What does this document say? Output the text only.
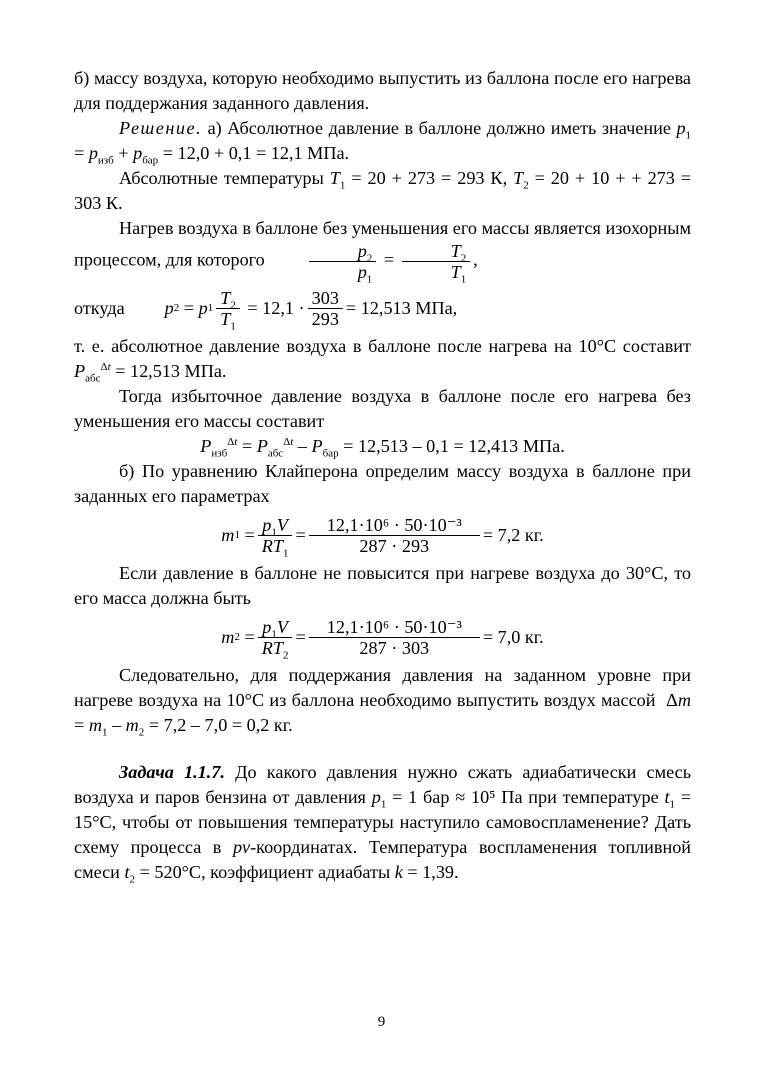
б) массу воздуха, которую необходимо выпустить из баллона после его нагрева для поддержания заданного давления.

Решение. а) Абсолютное давление в баллоне должно иметь значение $p_1 = p_{изб} + p_{бар} = 12,0 + 0,1 = 12,1$ МПа.

Абсолютные температуры $T_1 = 20 + 273 = 293$ К, $T_2 = 20 + 10$ + + 273 = 303 К.

Нагрев воздуха в баллоне без уменьшения его массы является изохорным процессом, для которого $\frac{p_2}{p_1} = \frac{T_2}{T_1}$ ,

откуда p 2 = p $1 \frac{T_2}{T_1}$
= $12,1 \cdot \frac{303}{293} = 12,513$ МПа,

т. е. абсолютное давление воздуха в баллоне после нагрева на 10°С составит $P_{абс}^{\Delta t} = 12,513$ МПа.

Тогда избыточное давление воздуха в баллоне после его нагрева без уменьшения его массы составит

$P_{изб}^{\Delta t} = P_{абс}^{\Delta t} - P_{бар} = 12,513 - 0,1 = 12,413$ МПа.

б) По уравнению Клайперона определим массу воздуха в баллоне при заданных его параметрах

m $1 = \frac{p_1V}{RT_1} = \frac{\text{12,1·10⁶ · 50·10⁻³}}{287 \cdot 293} = 7,2$ кг.

Если давление в баллоне не повысится при нагреве воздуха до 30°С, то его масса должна быть

m $2 = \frac{p_1V}{RT_2} = \frac{\text{12,1·10⁶ · 50·10⁻³}}{287 \cdot 303} = 7,0$ кг.

Следовательно, для поддержания давления на заданном уровне при нагреве воздуха на 10°С из баллона необходимо выпустить воздух массой  $\Delta m = m_1 - m_2 = 7,2 - 7,0 = 0,2$ кг.

Задача 1.1.7. До какого давления нужно сжать адиабатически смесь воздуха и паров бензина от давления $p_1 = 1$ бар ≈ 10⁵ Па при температуре $t_1 = 15^\circ С$, чтобы от повышения температуры наступило самовоспламенение? Дать схему процесса в pv-координатах. Температура воспламенения топливной смеси $t_2 = 520^\circ С$, коэффициент адиабаты k = 1,39.

9
